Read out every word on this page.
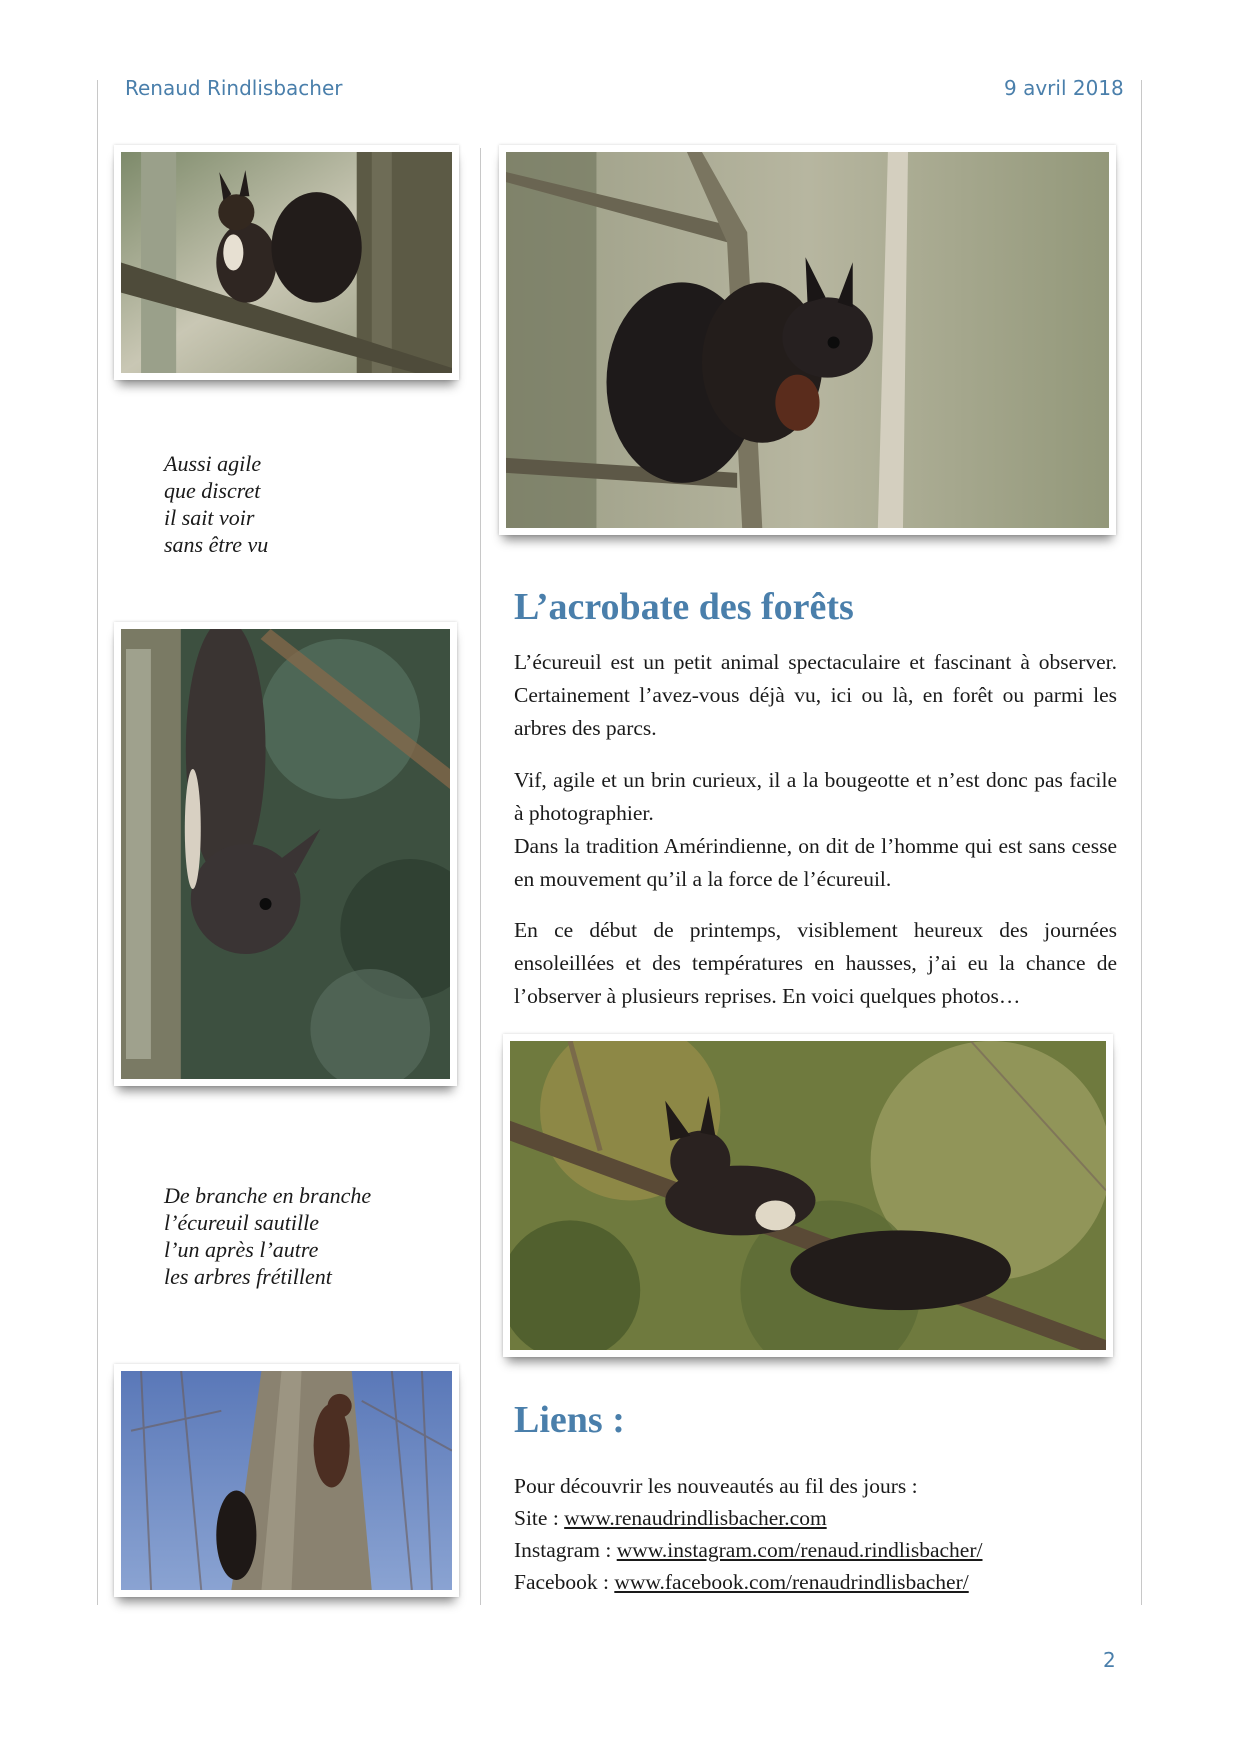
Renaud Rindlisbacher	9 avril 2018
Aussi agile
que discret
il sait voir
sans être vu
De branche en branche
l’écureuil sautille
l’un après l’autre
les arbres frétillent
L’acrobate des forêts
L’écureuil est un petit animal spectaculaire et fascinant à observer. Certainement l’avez-vous déjà vu, ici ou là, en forêt ou parmi les arbres des parcs.
Vif, agile et un brin curieux, il a la bougeotte et n’est donc pas facile à photographier.
Dans la tradition Amérindienne, on dit de l’homme qui est sans cesse en mouvement qu’il a la force de l’écureuil.
En ce début de printemps, visiblement heureux des journées ensoleillées et des températures en hausses, j’ai eu la chance de l’observer à plusieurs reprises. En voici quelques photos…
Liens :
Pour découvrir les nouveautés au fil des jours :
Site : www.renaudrindlisbacher.com
Instagram : www.instagram.com/renaud.rindlisbacher/
Facebook : www.facebook.com/renaudrindlisbacher/
2
